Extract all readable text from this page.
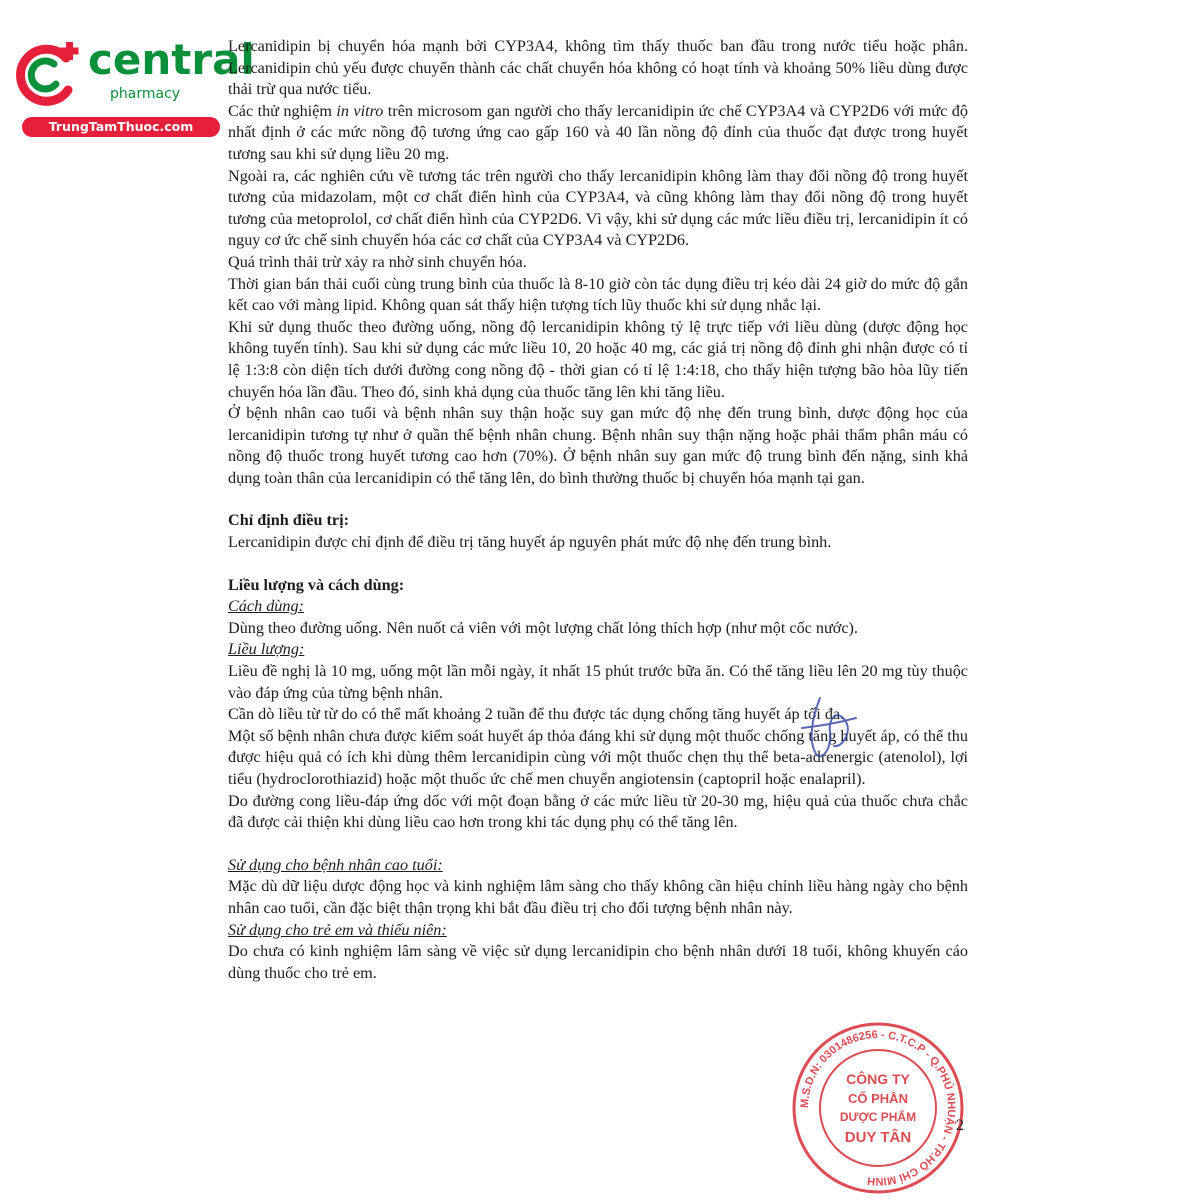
central
pharmacy
TrungTamThuoc.com

Lercanidipin bị chuyển hóa mạnh bởi CYP3A4, không tìm thấy thuốc ban đầu trong nước tiểu hoặc phân. Lercanidipin chủ yếu được chuyển thành các chất chuyển hóa không có hoạt tính và khoảng 50% liều dùng được thải trừ qua nước tiểu.

Các thử nghiệm in vitro trên microsom gan người cho thấy lercanidipin ức chế CYP3A4 và CYP2D6 với mức độ nhất định ở các mức nồng độ tương ứng cao gấp 160 và 40 lần nồng độ đỉnh của thuốc đạt được trong huyết tương sau khi sử dụng liều 20 mg.

Ngoài ra, các nghiên cứu về tương tác trên người cho thấy lercanidipin không làm thay đổi nồng độ trong huyết tương của midazolam, một cơ chất điển hình của CYP3A4, và cũng không làm thay đổi nồng độ trong huyết tương của metoprolol, cơ chất điển hình của CYP2D6. Vì vậy, khi sử dụng các mức liều điều trị, lercanidipin ít có nguy cơ ức chế sinh chuyển hóa các cơ chất của CYP3A4 và CYP2D6.

Quá trình thải trừ xảy ra nhờ sinh chuyển hóa.

Thời gian bán thải cuối cùng trung bình của thuốc là 8-10 giờ còn tác dụng điều trị kéo dài 24 giờ do mức độ gắn kết cao với màng lipid. Không quan sát thấy hiện tượng tích lũy thuốc khi sử dụng nhắc lại.

Khi sử dụng thuốc theo đường uống, nồng độ lercanidipin không tỷ lệ trực tiếp với liều dùng (dược động học không tuyến tính). Sau khi sử dụng các mức liều 10, 20 hoặc 40 mg, các giá trị nồng độ đỉnh ghi nhận được có tỉ lệ 1:3:8 còn diện tích dưới đường cong nồng độ - thời gian có tỉ lệ 1:4:18, cho thấy hiện tượng bão hòa lũy tiến chuyển hóa lần đầu. Theo đó, sinh khả dụng của thuốc tăng lên khi tăng liều.

Ở bệnh nhân cao tuổi và bệnh nhân suy thận hoặc suy gan mức độ nhẹ đến trung bình, dược động học của lercanidipin tương tự như ở quần thể bệnh nhân chung. Bệnh nhân suy thận nặng hoặc phải thẩm phân máu có nồng độ thuốc trong huyết tương cao hơn (70%). Ở bệnh nhân suy gan mức độ trung bình đến nặng, sinh khả dụng toàn thân của lercanidipin có thể tăng lên, do bình thường thuốc bị chuyển hóa mạnh tại gan.

Chỉ định điều trị:

Lercanidipin được chỉ định để điều trị tăng huyết áp nguyên phát mức độ nhẹ đến trung bình.

Liều lượng và cách dùng:

Cách dùng:

Dùng theo đường uống. Nên nuốt cả viên với một lượng chất lỏng thích hợp (như một cốc nước).

Liều lượng:

Liều đề nghị là 10 mg, uống một lần mỗi ngày, ít nhất 15 phút trước bữa ăn. Có thể tăng liều lên 20 mg tùy thuộc vào đáp ứng của từng bệnh nhân.

Cần dò liều từ từ do có thể mất khoảng 2 tuần để thu được tác dụng chống tăng huyết áp tối đa.

Một số bệnh nhân chưa được kiểm soát huyết áp thỏa đáng khi sử dụng một thuốc chống tăng huyết áp, có thể thu được hiệu quả có ích khi dùng thêm lercanidipin cùng với một thuốc chẹn thụ thể beta-adrenergic (atenolol), lợi tiểu (hydroclorothiazid) hoặc một thuốc ức chế men chuyển angiotensin (captopril hoặc enalapril).

Do đường cong liều-đáp ứng dốc với một đoạn bằng ở các mức liều từ 20-30 mg, hiệu quả của thuốc chưa chắc đã được cải thiện khi dùng liều cao hơn trong khi tác dụng phụ có thể tăng lên.

Sử dụng cho bệnh nhân cao tuổi:

Mặc dù dữ liệu dược động học và kinh nghiệm lâm sàng cho thấy không cần hiệu chỉnh liều hàng ngày cho bệnh nhân cao tuổi, cần đặc biệt thận trọng khi bắt đầu điều trị cho đối tượng bệnh nhân này.

Sử dụng cho trẻ em và thiếu niên:

Do chưa có kinh nghiệm lâm sàng về việc sử dụng lercanidipin cho bệnh nhân dưới 18 tuổi, không khuyến cáo dùng thuốc cho trẻ em.

M.S.D.N: 0301486256 - C.T.C.P - Q.PHÚ NHUẬN - TP.HỒ CHÍ MINH
CÔNG TY
CỔ PHẦN
DƯỢC PHẨM
DUY TÂN
2
